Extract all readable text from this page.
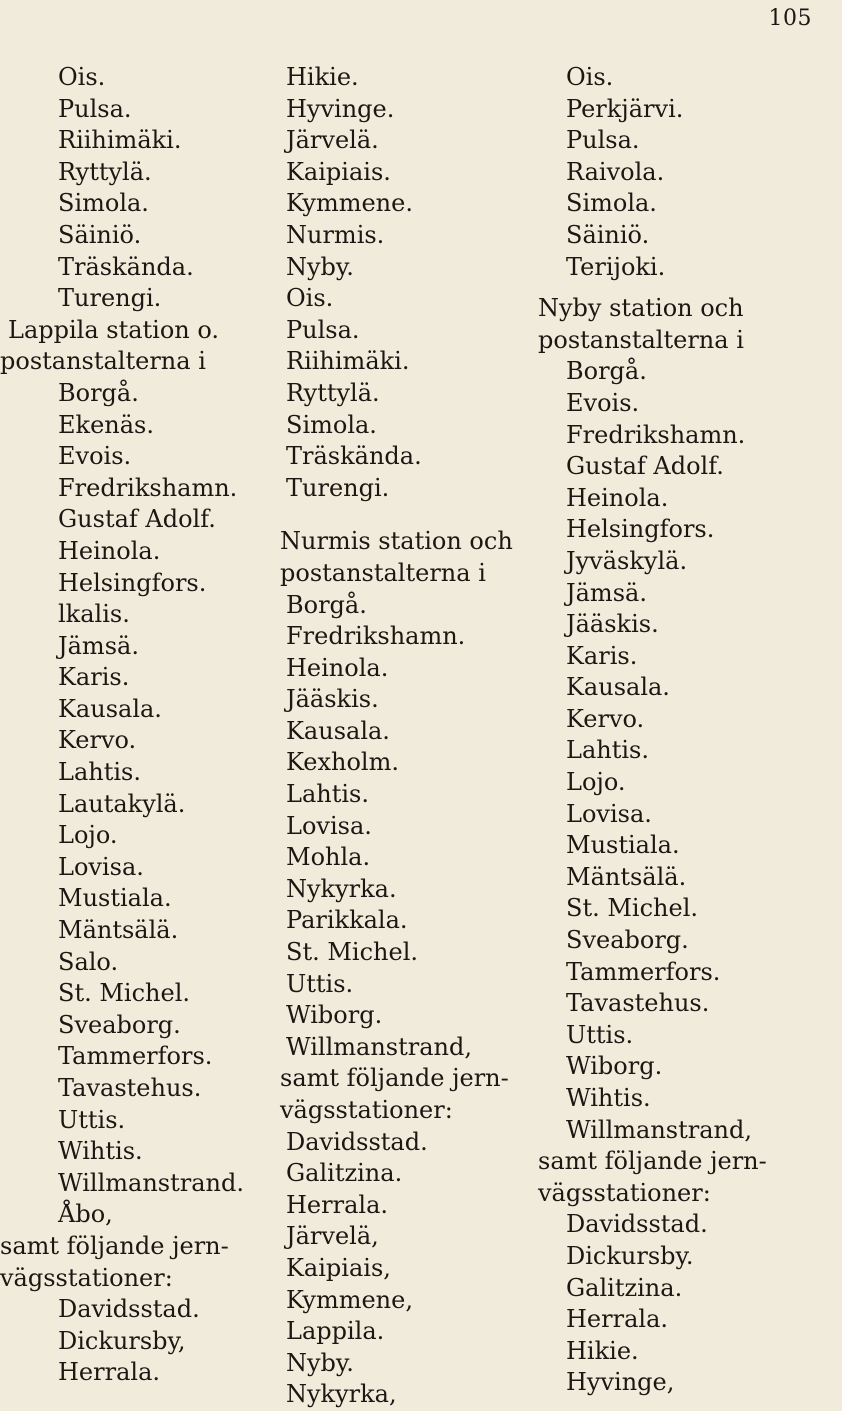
105
Ois.
Pulsa.
Riihimäki.
Ryttylä.
Simola.
Säiniö.
Träskända.
Turengi.
Lappila station o.
postanstalterna i
Borgå.
Ekenäs.
Evois.
Fredrikshamn.
Gustaf Adolf.
Heinola.
Helsingfors.
lkalis.
Jämsä.
Karis.
Kausala.
Kervo.
Lahtis.
Lautakylä.
Lojo.
Lovisa.
Mustiala.
Mäntsälä.
Salo.
St. Michel.
Sveaborg.
Tammerfors.
Tavastehus.
Uttis.
Wihtis.
Willmanstrand.
Åbo,
samt följande jern-
vägsstationer:
Davidsstad.
Dickursby,
Herrala.
Hikie.
Hyvinge.
Järvelä.
Kaipiais.
Kymmene.
Nurmis.
Nyby.
Ois.
Pulsa.
Riihimäki.
Ryttylä.
Simola.
Träskända.
Turengi.
Nurmis station och
postanstalterna i
Borgå.
Fredrikshamn.
Heinola.
Jääskis.
Kausala.
Kexholm.
Lahtis.
Lovisa.
Mohla.
Nykyrka.
Parikkala.
St. Michel.
Uttis.
Wiborg.
Willmanstrand,
samt följande jern-
vägsstationer:
Davidsstad.
Galitzina.
Herrala.
Järvelä,
Kaipiais,
Kymmene,
Lappila.
Nyby.
Nykyrka,
Ois.
Perkjärvi.
Pulsa.
Raivola.
Simola.
Säiniö.
Terijoki.
Nyby station och
postanstalterna i
Borgå.
Evois.
Fredrikshamn.
Gustaf Adolf.
Heinola.
Helsingfors.
Jyväskylä.
Jämsä.
Jääskis.
Karis.
Kausala.
Kervo.
Lahtis.
Lojo.
Lovisa.
Mustiala.
Mäntsälä.
St. Michel.
Sveaborg.
Tammerfors.
Tavastehus.
Uttis.
Wiborg.
Wihtis.
Willmanstrand,
samt följande jern-
vägsstationer:
Davidsstad.
Dickursby.
Galitzina.
Herrala.
Hikie.
Hyvinge,
